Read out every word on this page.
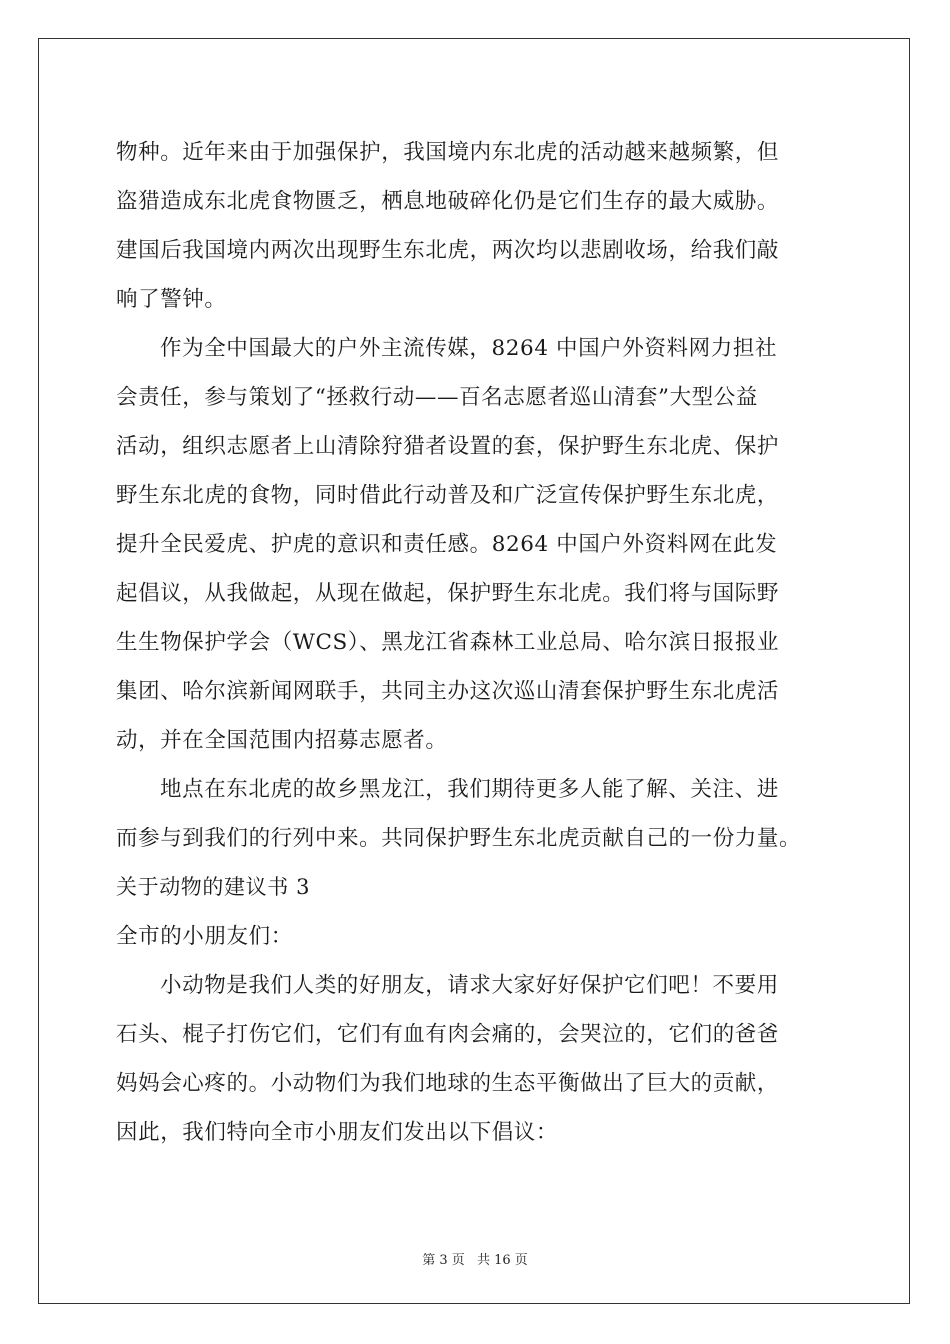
物种。近年来由于加强保护，我国境内东北虎的活动越来越频繁，但
盗猎造成东北虎食物匮乏，栖息地破碎化仍是它们生存的最大威胁。
建国后我国境内两次出现野生东北虎，两次均以悲剧收场，给我们敲
响了警钟。
作为全中国最大的户外主流传媒，8264 中国户外资料网力担社
会责任，参与策划了“拯救行动——百名志愿者巡山清套”大型公益
活动，组织志愿者上山清除狩猎者设置的套，保护野生东北虎、保护
野生东北虎的食物，同时借此行动普及和广泛宣传保护野生东北虎，
提升全民爱虎、护虎的意识和责任感。8264 中国户外资料网在此发
起倡议，从我做起，从现在做起，保护野生东北虎。我们将与国际野
生生物保护学会（WCS）、黑龙江省森林工业总局、哈尔滨日报报业
集团、哈尔滨新闻网联手，共同主办这次巡山清套保护野生东北虎活
动，并在全国范围内招募志愿者。
地点在东北虎的故乡黑龙江，我们期待更多人能了解、关注、进
而参与到我们的行列中来。共同保护野生东北虎贡献自己的一份力量。
关于动物的建议书 3
全市的小朋友们：
小动物是我们人类的好朋友，请求大家好好保护它们吧！不要用
石头、棍子打伤它们，它们有血有肉会痛的，会哭泣的，它们的爸爸
妈妈会心疼的。小动物们为我们地球的生态平衡做出了巨大的贡献，
因此，我们特向全市小朋友们发出以下倡议：
第 3 页 共 16 页
